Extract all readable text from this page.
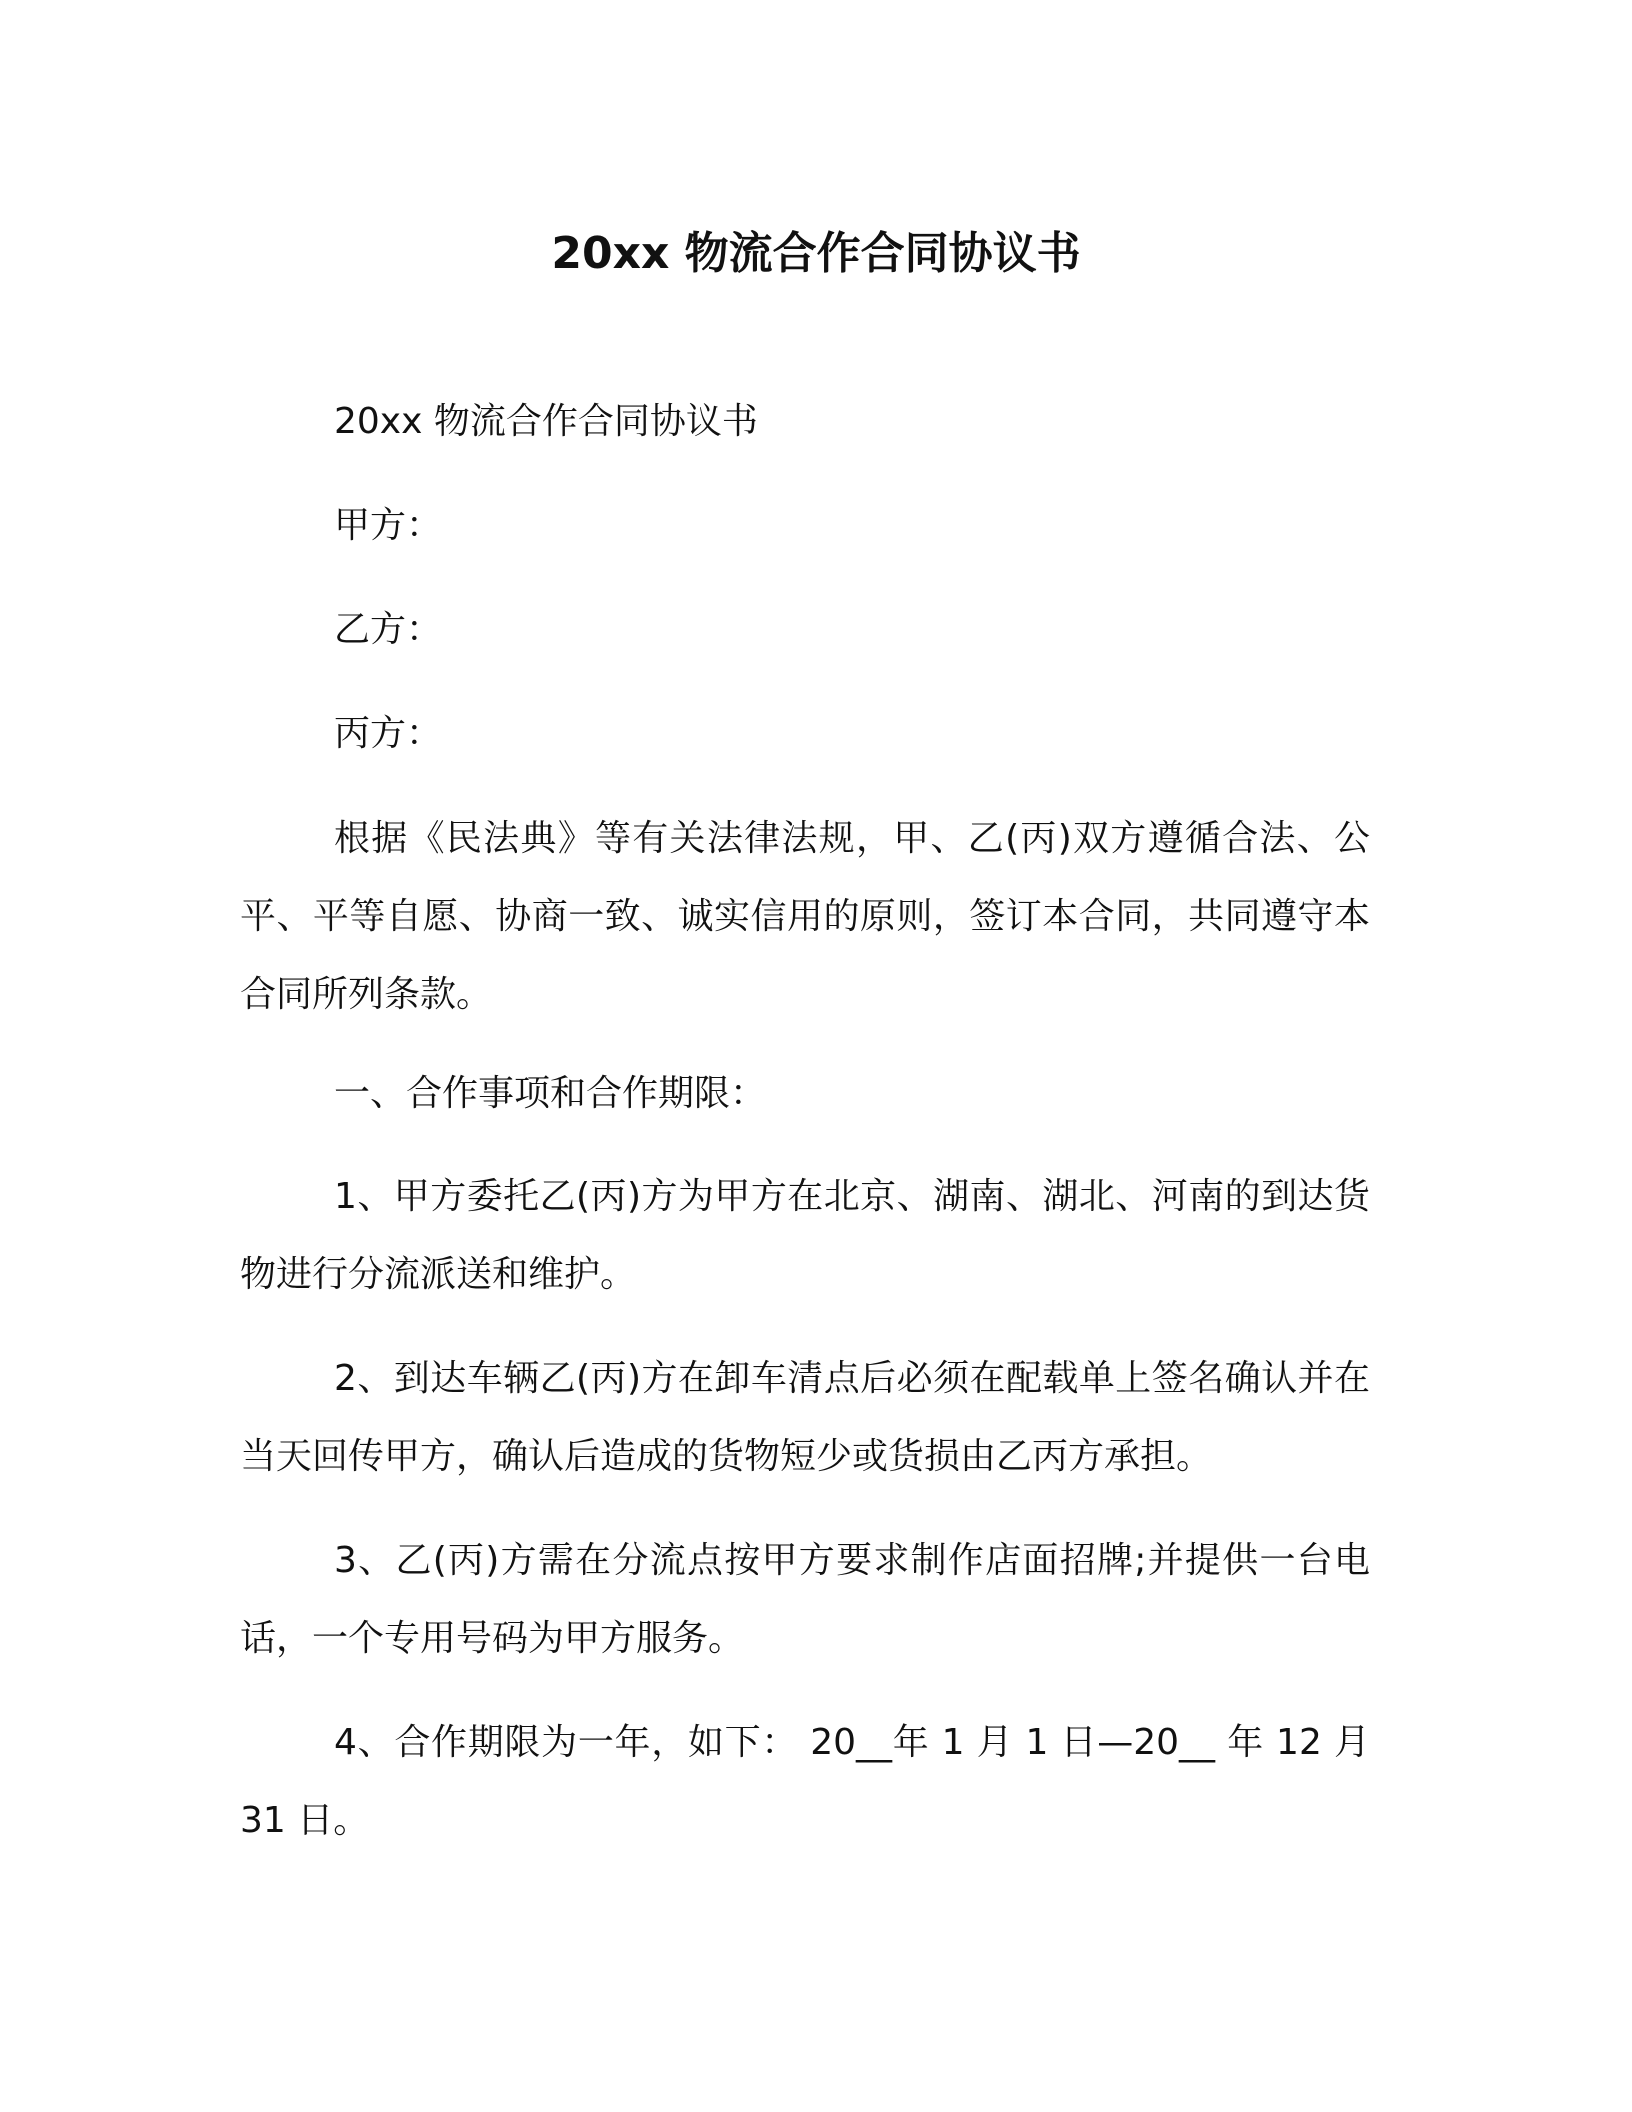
20xx 物流合作合同协议书
20xx 物流合作合同协议书
甲方：
乙方：
丙方：
根据《民法典》等有关法律法规，甲、乙(丙)双方遵循合法、公平、平等自愿、协商一致、诚实信用的原则，签订本合同，共同遵守本合同所列条款。
一、合作事项和合作期限：
1、甲方委托乙(丙)方为甲方在北京、湖南、湖北、河南的到达货物进行分流派送和维护。
2、到达车辆乙(丙)方在卸车清点后必须在配载单上签名确认并在当天回传甲方，确认后造成的货物短少或货损由乙丙方承担。
3、乙(丙)方需在分流点按甲方要求制作店面招牌;并提供一台电话，一个专用号码为甲方服务。
4、合作期限为一年，如下： 20__年 1 月 1 日—20__ 年 12 月 31 日。
